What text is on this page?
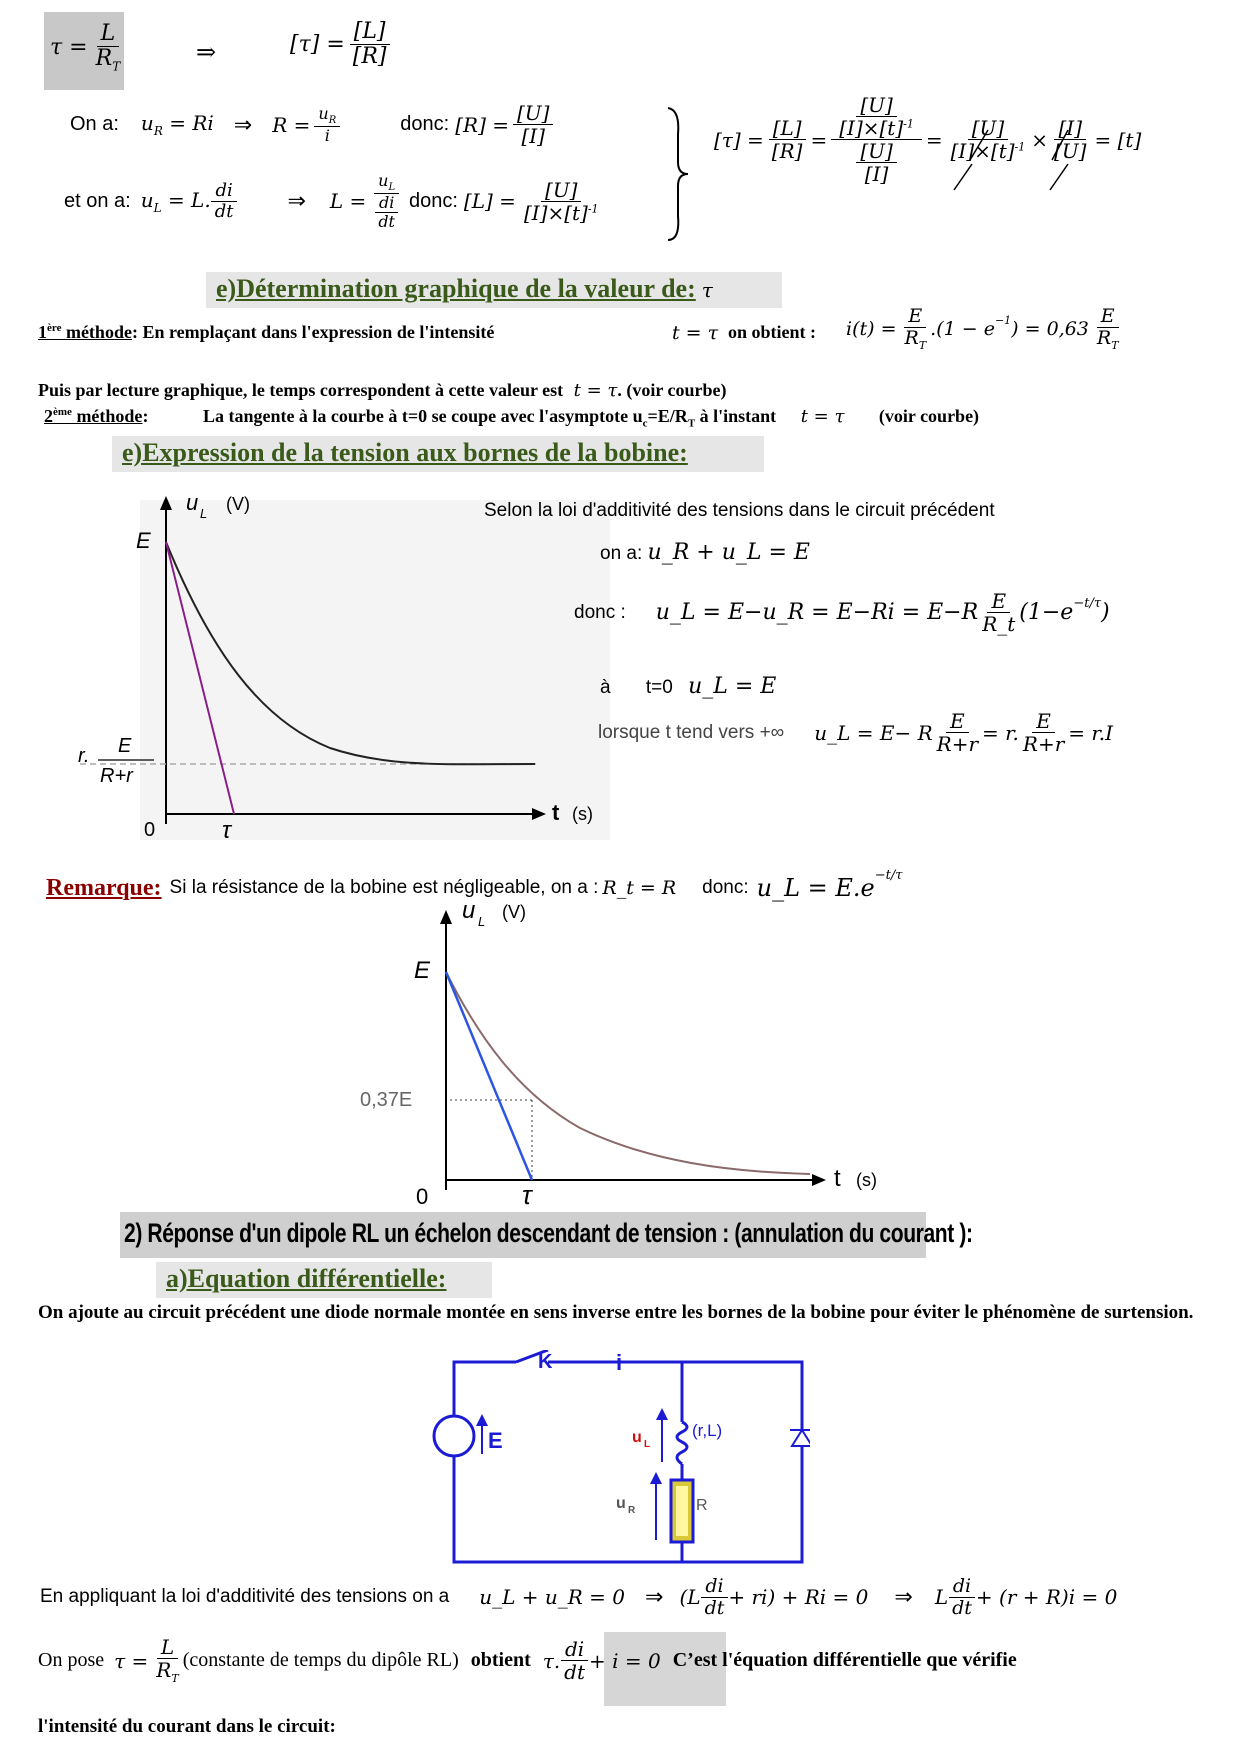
$\tau = \frac{L}{R_T}$	⇒	$[\tau] = \frac{[L]}{[R]}$
On a: $u_R = Ri$ ⇒ $R = \frac{u_R}{i}$	donc: $[R] = \frac{[U]}{[I]}$
et on a: $u_L = L$. $\frac{di}{dt}$ ⇒ $L = \frac{u_L}{\frac{di}{dt}}$ donc: $[L] = \frac{[U]}{[I]\times[t]^{-1}}$
$[\tau] = \frac{[L]}{[R]} = \frac{\frac{[U]}{[I]\times[t]^{-1}}}{\frac{[U]}{[I]}} = \frac{[U]}{[I]\times[t]^{-1}} \times \frac{[I]}{[U]} = [t]$
e)Détermination graphique de la valeur de: τ
1ère méthode : En remplaçant dans l'expression de l'intensité	t = τ on obtient : $i(t) = \frac{E}{R_T} .(1 - e^{-1}$ ) = $0,63 \frac{E}{R_T}$
Puis par lecture graphique, le temps correspondent à cette valeur est t = τ. (voir courbe)
2ème méthode:	La tangente à la courbe à t=0 se coupe avec l'asymptote $u_c=E/R_T$ à l'instant t = τ (voir courbe)
e)Expression de la tension aux bornes de la bobine:
u L (V)
E
r. E
R+r
0	τ
t (s)
Selon la loi d'additivité des tensions dans le circuit précédent
on a: u_R + u_L = E
donc : u_L = E−u_R = $E-Ri = E-R \frac{E}{R\_t} (1-e^{-t/\tau}$ )
à t=0 u_L = E
lorsque t tend vers +∞ u_L = E− R $\frac{E}{R+r} = r$. $\frac{E}{R+r} = r.I$
Remarque: Si la résistance de la bobine est négligeable, on a : R_t = R donc: u_L = $E.e^{-t/\tau}$
u L (V)
E
0,37E
0	τ
t (s)
2) Réponse d'un dipole RL un échelon descendant de tension : (annulation du courant ):
a)Equation différentielle:
On ajoute au circuit précédent une diode normale montée en sens inverse entre les bornes de la bobine pour éviter le phénomène de surtension.
E	(r,L)
u L
R
u R
K	i
En appliquant la loi d'additivité des tensions on a u_L + u_R = 0 ⇒ $(L \frac{di}{dt} + ri) + Ri = 0$ ⇒ L $\frac{di}{dt} + (r + R)i = 0$
On pose $\tau = \frac{L}{R_T}$ (constante de temps du dipôle RL) obtient τ. $\frac{di}{dt} + i = 0$ C’est l'équation différentielle que vérifie
l'intensité du courant dans le circuit:
